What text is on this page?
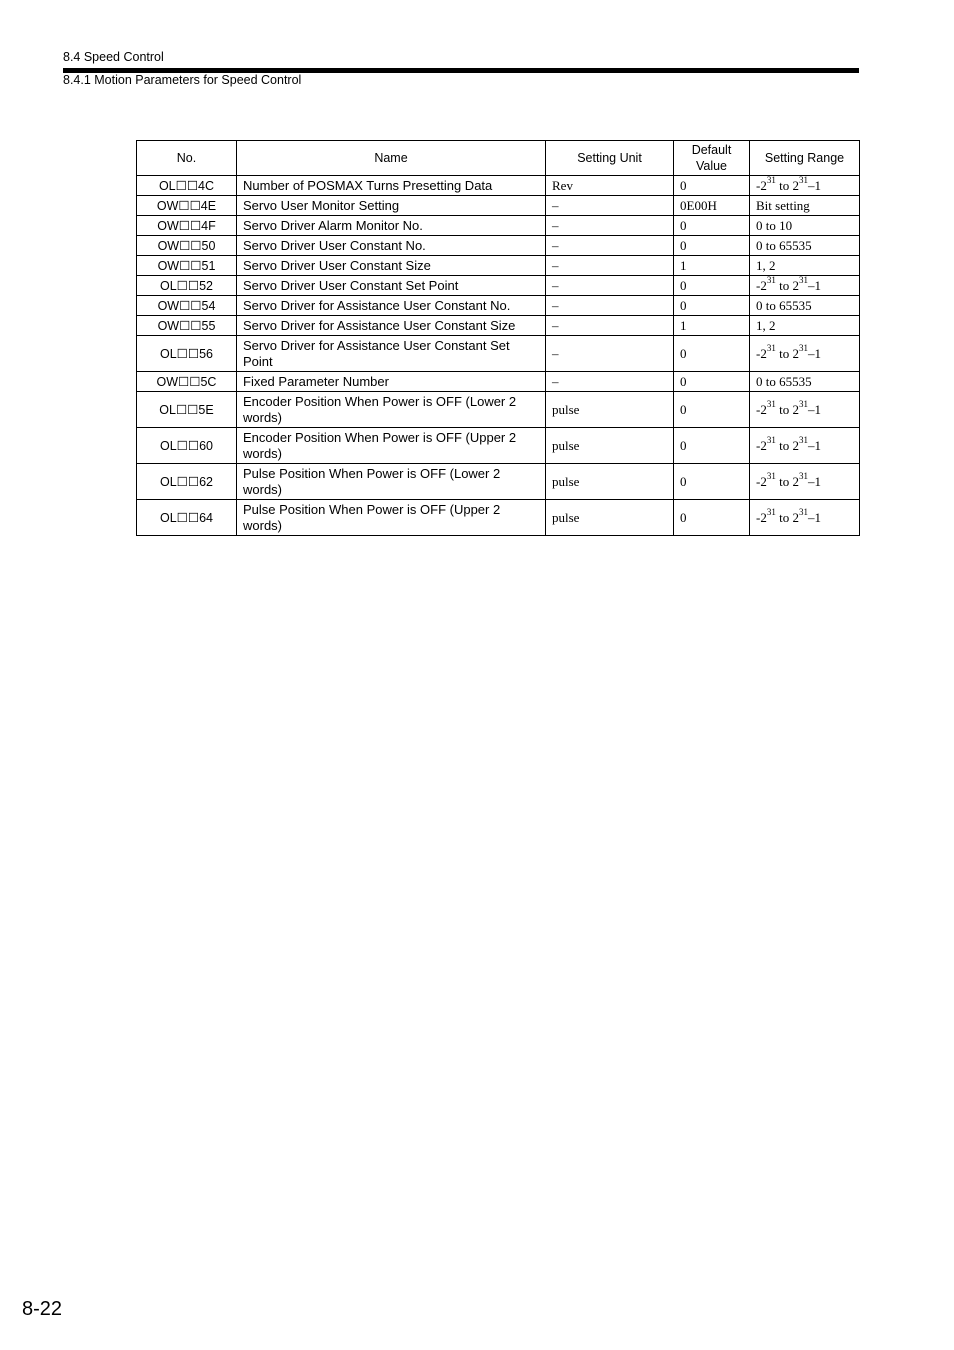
8.4 Speed Control
8.4.1 Motion Parameters for Speed Control
No.	Name	Setting Unit	Default Value	Setting Range
OL☐☐4C	Number of POSMAX Turns Presetting Data	Rev	0	$-2^{31}$ to $2^{31}-1$
OW☐☐4E	Servo User Monitor Setting	–	0E00H	Bit setting
OW☐☐4F	Servo Driver Alarm Monitor No.	–	0	0 to 10
OW☐☐50	Servo Driver User Constant No.	–	0	0 to 65535
OW☐☐51	Servo Driver User Constant Size	–	1	1, 2
OL☐☐52	Servo Driver User Constant Set Point	–	0	$-2^{31}$ to $2^{31}-1$
OW☐☐54	Servo Driver for Assistance User Constant No.	–	0	0 to 65535
OW☐☐55	Servo Driver for Assistance User Constant Size	–	1	1, 2
OL☐☐56	Servo Driver for Assistance User Constant Set Point	–	0	$-2^{31}$ to $2^{31}-1$
OW☐☐5C	Fixed Parameter Number	–	0	0 to 65535
OL☐☐5E	Encoder Position When Power is OFF (Lower 2 words)	pulse	0	$-2^{31}$ to $2^{31}-1$
OL☐☐60	Encoder Position When Power is OFF (Upper 2 words)	pulse	0	$-2^{31}$ to $2^{31}-1$
OL☐☐62	Pulse Position When Power is OFF (Lower 2 words)	pulse	0	$-2^{31}$ to $2^{31}-1$
OL☐☐64	Pulse Position When Power is OFF (Upper 2 words)	pulse	0	$-2^{31}$ to $2^{31}-1$
8-22
